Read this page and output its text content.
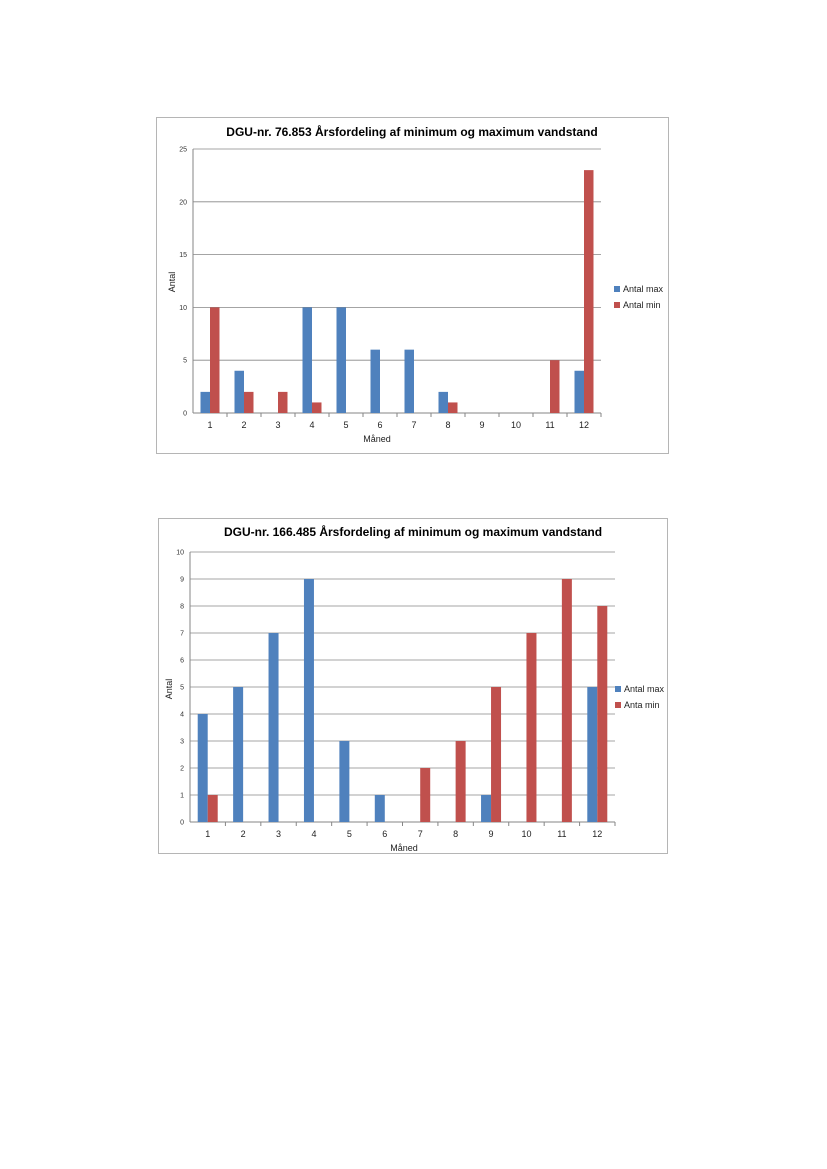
DGU-nr. 76.853 Årsfordeling af minimum og maximum vandstand
Måned
Antal
0
5
10
15
20
25
1	2	3	4	5	6	7	8	9	10	11	12
Antal max
Antal min
DGU-nr. 166.485 Årsfordeling af minimum og maximum vandstand
Måned
Antal
0
1
2
3
4
5
6
7
8
9
10
1	2	3	4	5	6	7	8	9	10	11	12
Antal max
Anta min
